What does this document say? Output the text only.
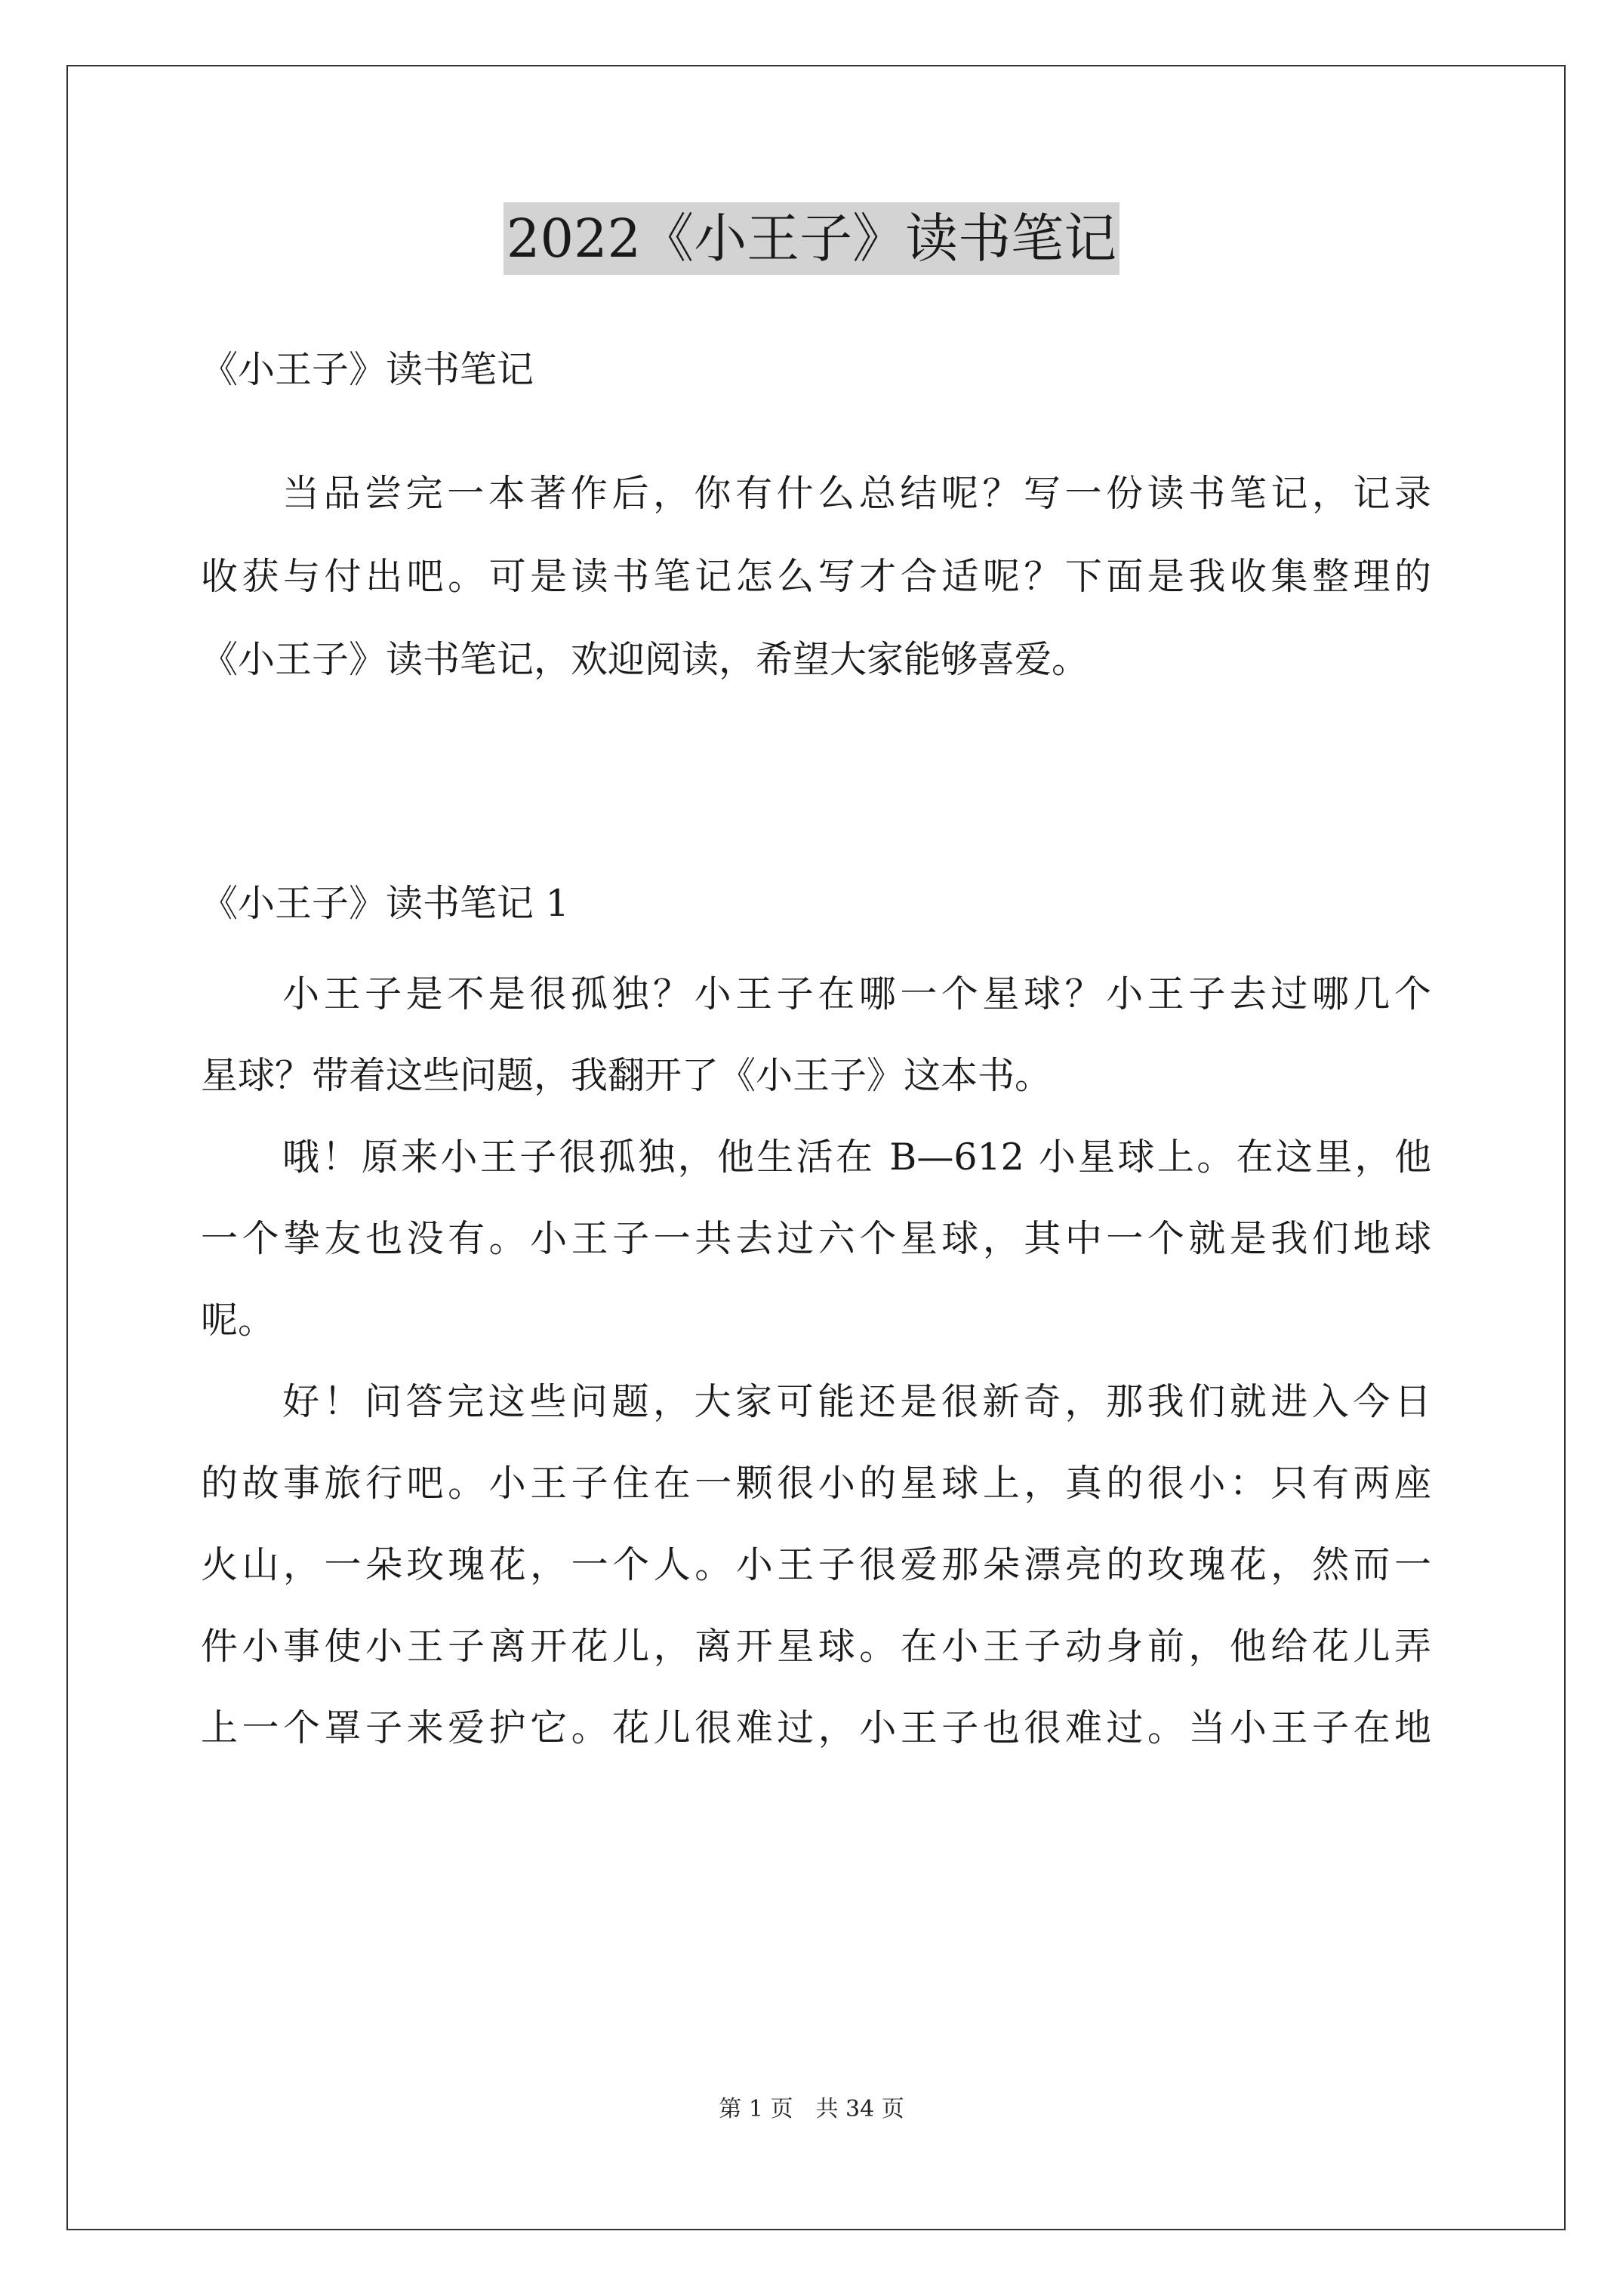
2022《小王子》读书笔记
《小王子》读书笔记
当品尝完一本著作后，你有什么总结呢？写一份读书笔记，记录
收获与付出吧。可是读书笔记怎么写才合适呢？下面是我收集整理的
《小王子》读书笔记，欢迎阅读，希望大家能够喜爱。
《小王子》读书笔记 1
小王子是不是很孤独？小王子在哪一个星球？小王子去过哪几个
星球？带着这些问题，我翻开了《小王子》这本书。
哦！原来小王子很孤独，他生活在 B—612 小星球上。在这里，他
一个挚友也没有。小王子一共去过六个星球，其中一个就是我们地球
呢。
好！问答完这些问题，大家可能还是很新奇，那我们就进入今日
的故事旅行吧。小王子住在一颗很小的星球上，真的很小：只有两座
火山，一朵玫瑰花，一个人。小王子很爱那朵漂亮的玫瑰花，然而一
件小事使小王子离开花儿，离开星球。在小王子动身前，他给花儿弄
上一个罩子来爱护它。花儿很难过，小王子也很难过。当小王子在地
第 1 页　共 34 页
